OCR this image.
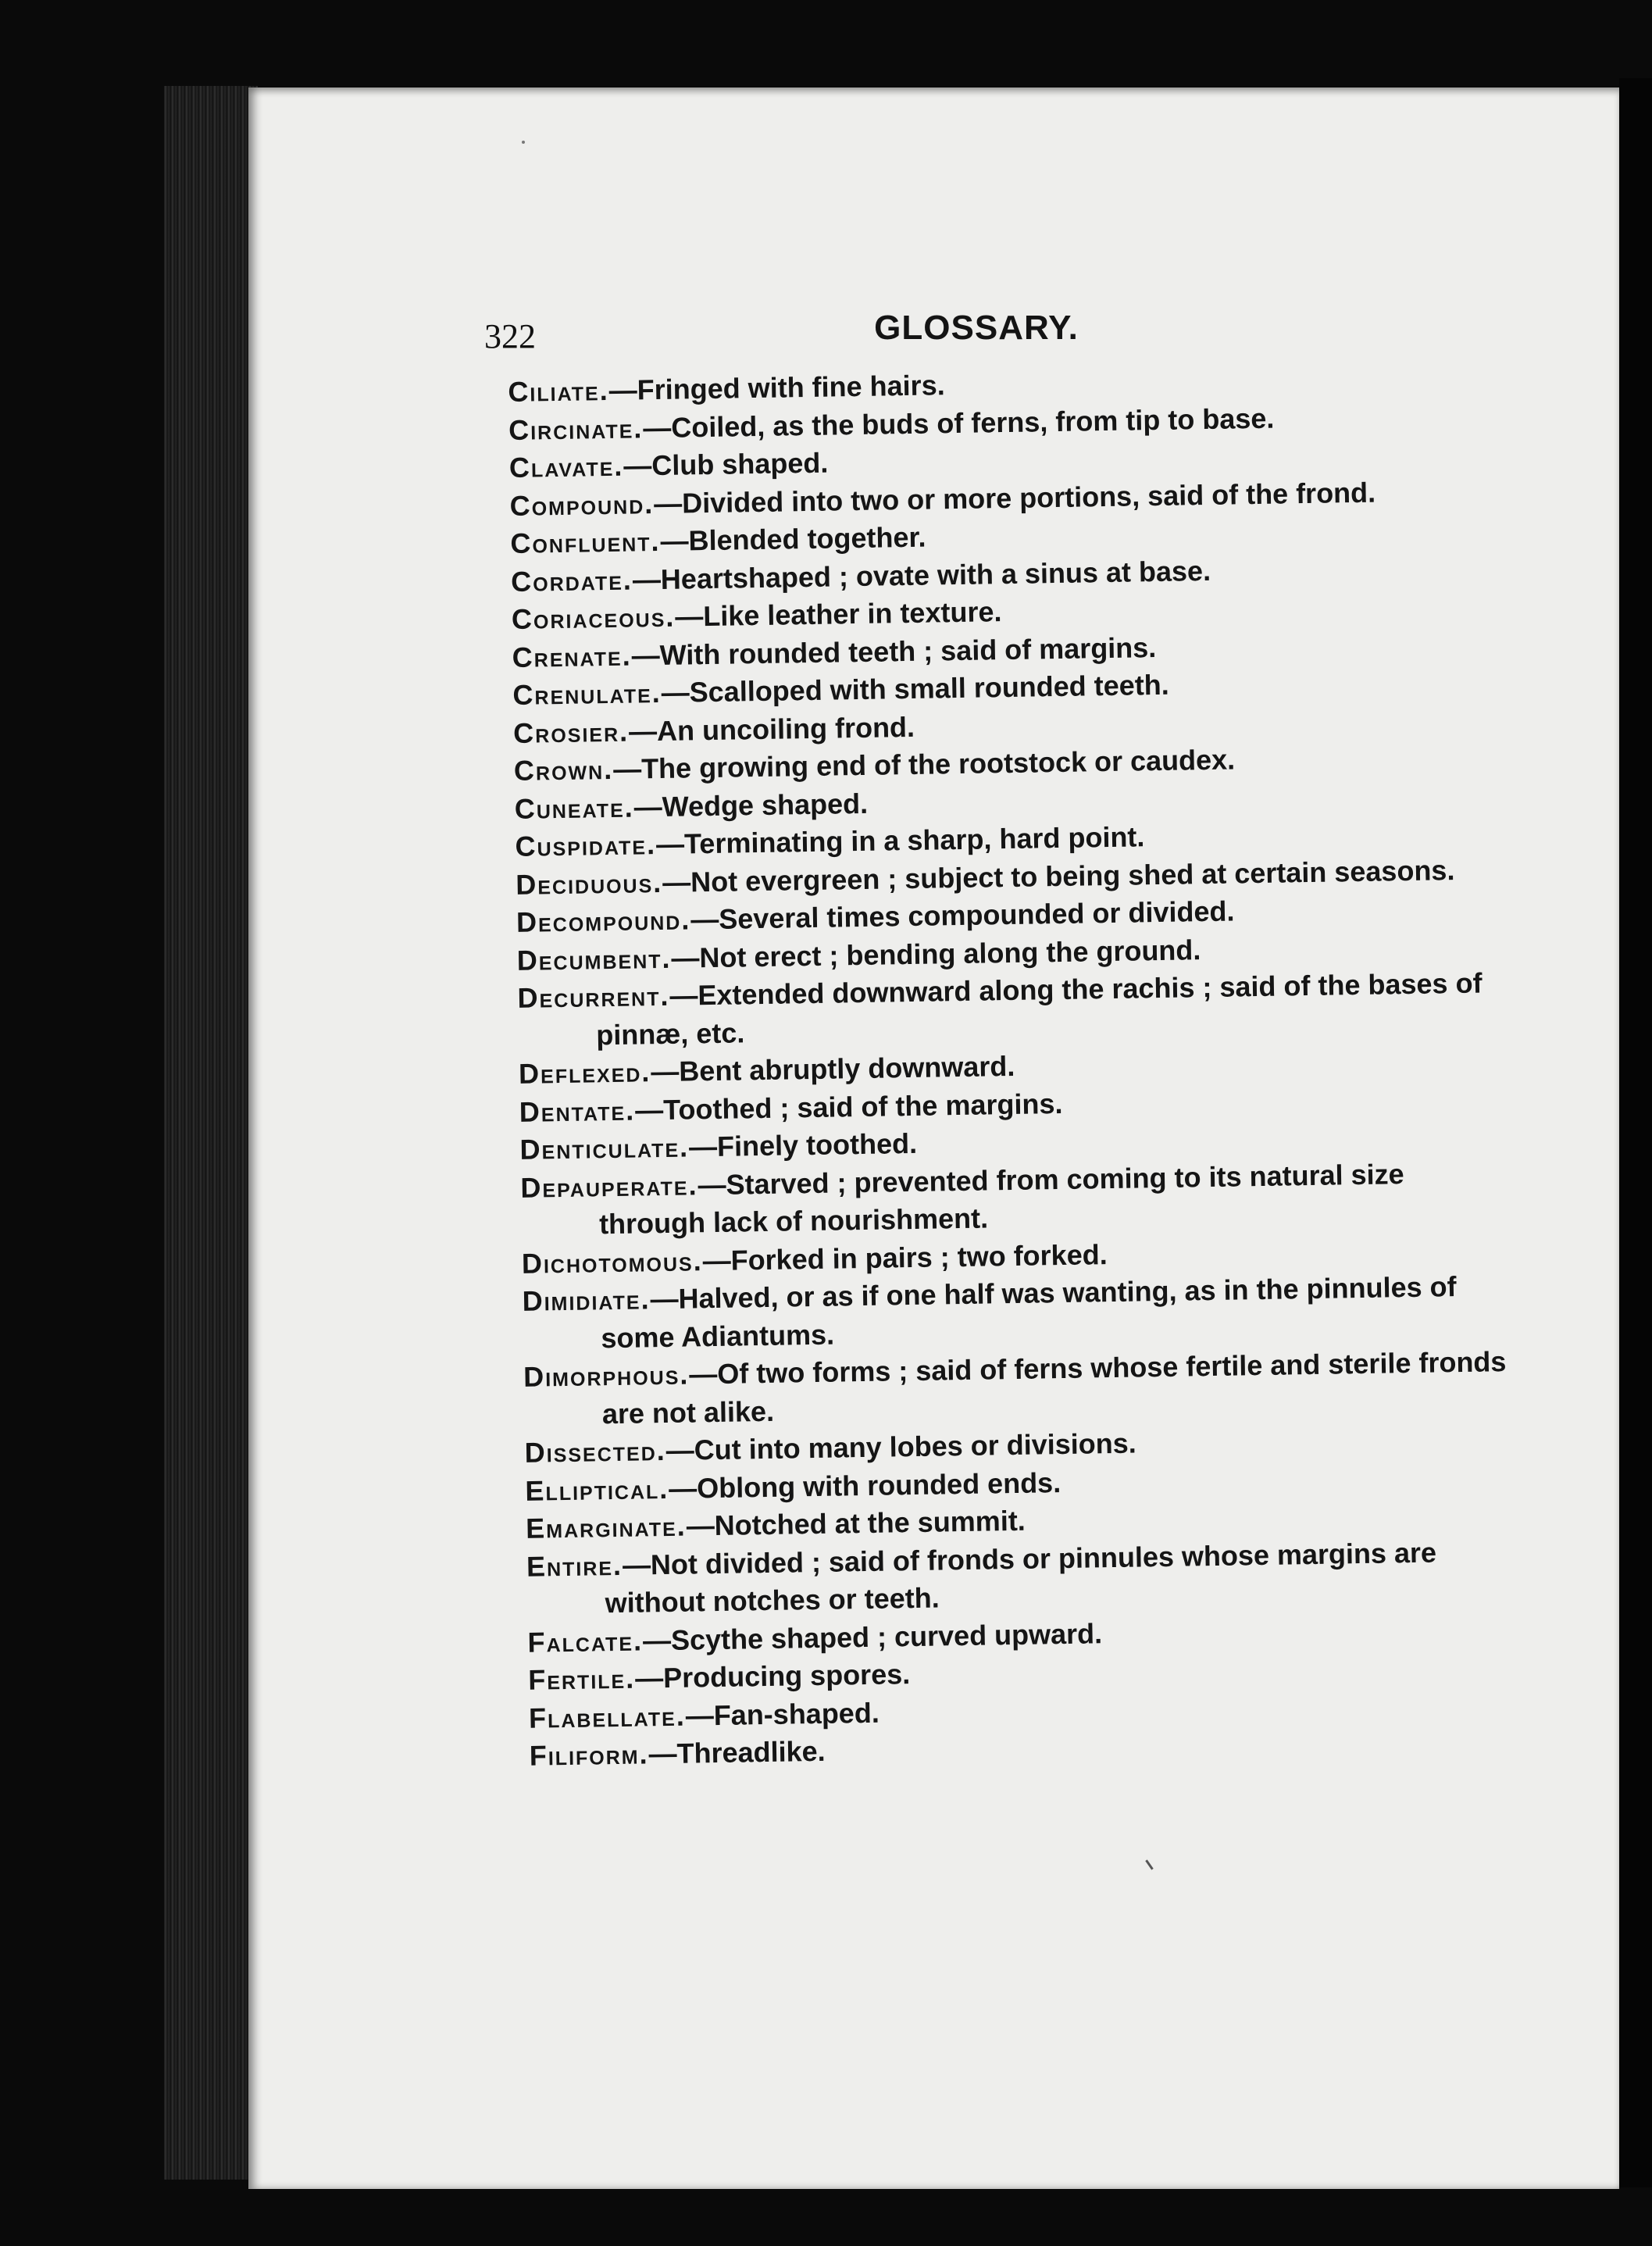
322	GLOSSARY.

Ciliate.—Fringed with fine hairs.

Circinate.—Coiled, as the buds of ferns, from tip to base.

Clavate.—Club shaped.

Compound.—Divided into two or more portions, said of the frond.

Confluent.—Blended together.

Cordate.—Heartshaped ; ovate with a sinus at base.

Coriaceous.—Like leather in texture.

Crenate.—With rounded teeth ; said of margins.

Crenulate.—Scalloped with small rounded teeth.

Crosier.—An uncoiling frond.

Crown.—The growing end of the rootstock or caudex.

Cuneate.—Wedge shaped.

Cuspidate.—Terminating in a sharp, hard point.

Deciduous.—Not evergreen ; subject to being shed at certain seasons.

Decompound.—Several times compounded or divided.

Decumbent.—Not erect ; bending along the ground.

Decurrent.—Extended downward along the rachis ; said of the bases of pinnæ, etc.

Deflexed.—Bent abruptly downward.

Dentate.—Toothed ; said of the margins.

Denticulate.—Finely toothed.

Depauperate.—Starved ; prevented from coming to its natural size through lack of nourishment.

Dichotomous.—Forked in pairs ; two forked.

Dimidiate.—Halved, or as if one half was wanting, as in the pinnules of some Adiantums.

Dimorphous.—Of two forms ; said of ferns whose fertile and sterile fronds are not alike.

Dissected.—Cut into many lobes or divisions.

Elliptical.—Oblong with rounded ends.

Emarginate.—Notched at the summit.

Entire.—Not divided ; said of fronds or pinnules whose margins are without notches or teeth.

Falcate.—Scythe shaped ; curved upward.

Fertile.—Producing spores.

Flabellate.—Fan-shaped.

Filiform.—Threadlike.
